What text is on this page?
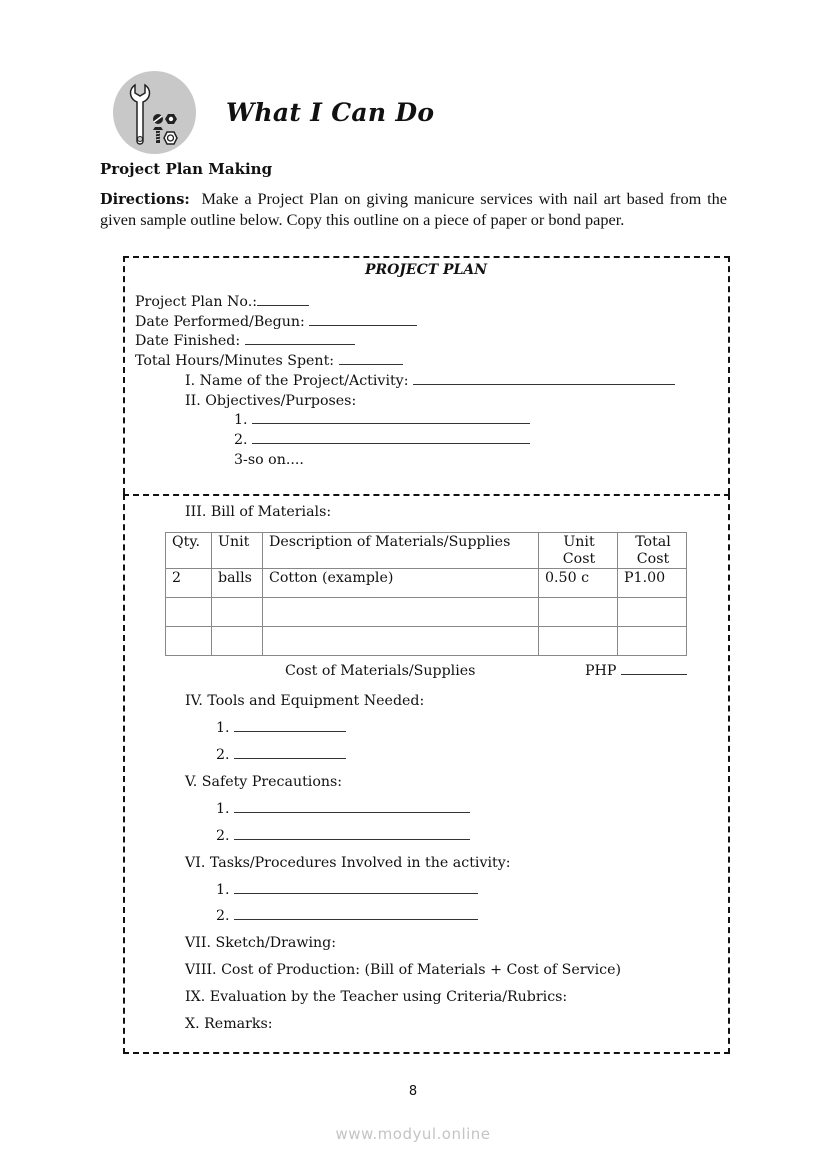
What I Can Do
Project Plan Making
Directions: Make a Project Plan on giving manicure services with nail art based from the given sample outline below. Copy this outline on a piece of paper or bond paper.
PROJECT PLAN
Project Plan No.:
Date Performed/Begun:
Date Finished:
Total Hours/Minutes Spent:
I. Name of the Project/Activity:
II. Objectives/Purposes:
1.
2.
3-so on....
III. Bill of Materials:
Qty.	Unit	Description of Materials/Supplies	Unit Cost	Total Cost
2	balls	Cotton (example)	0.50 c	P1.00

Cost of Materials/Supplies	PHP
IV. Tools and Equipment Needed:
1.
2.
V. Safety Precautions:
1.
2.
VI. Tasks/Procedures Involved in the activity:
1.
2.
VII. Sketch/Drawing:
VIII. Cost of Production: (Bill of Materials + Cost of Service)
IX. Evaluation by the Teacher using Criteria/Rubrics:
X. Remarks:
8
www.modyul.online
